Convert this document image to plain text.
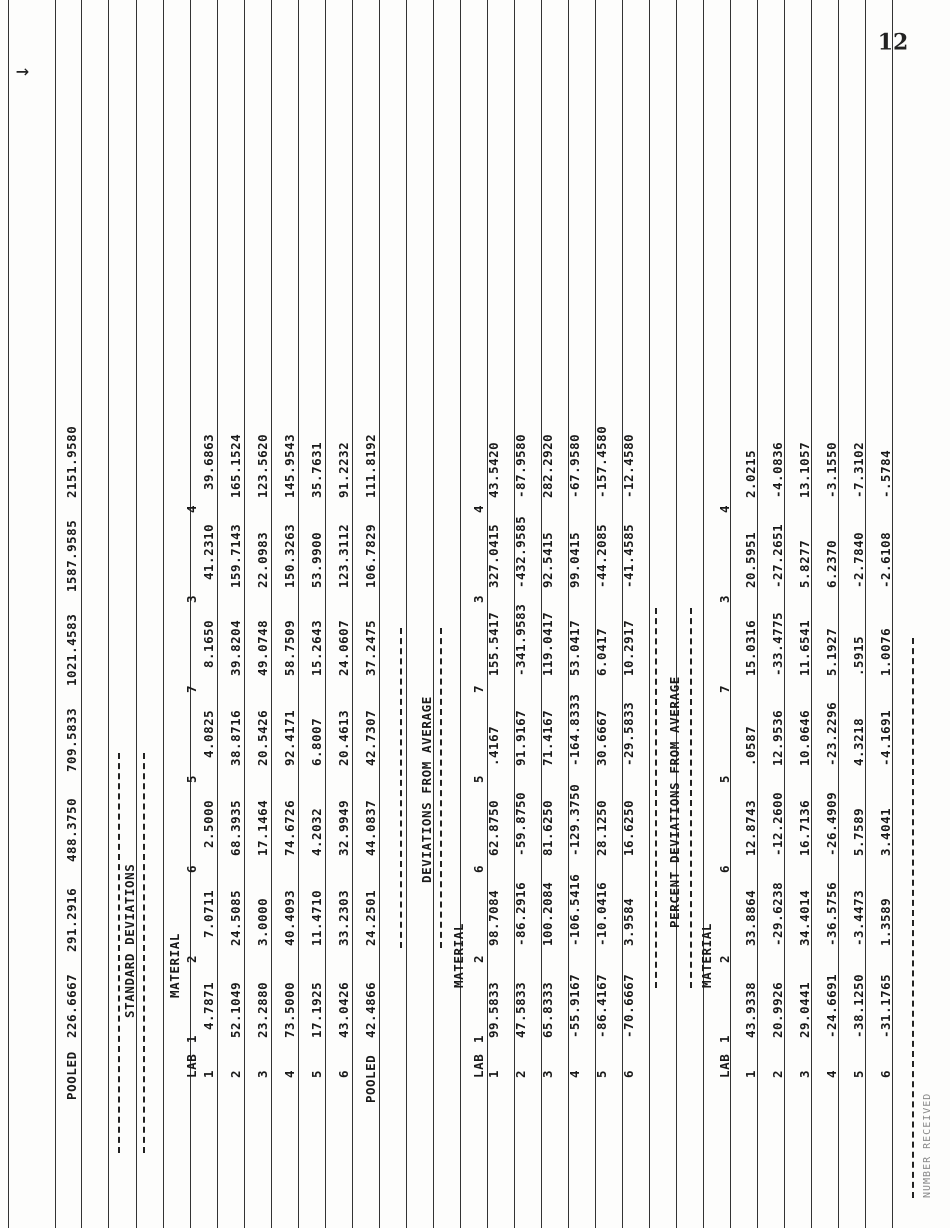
POOLED
226.6667
291.2916
488.3750
709.5833
1021.4583
1587.9585
2151.9580
STANDARD DEVIATIONS MATERIAL
LAB
1
2
6
5
7
3
4
1
4.7871
7.0711
2.5000
4.0825
8.1650
41.2310
39.6863
2
52.1049
24.5085
68.3935
38.8716
39.8204
159.7143
165.1524
3
23.2880
3.0000
17.1464
20.5426
49.0748
22.0983
123.5620
4
73.5000
40.4093
74.6726
92.4171
58.7509
150.3263
145.9543
5
17.1925
11.4710
4.2032
6.8007
15.2643
53.9900
35.7631
6
43.0426
33.2303
32.9949
20.4613
24.0607
123.3112
91.2232
POOLED
42.4866
24.2501
44.0837
42.7307
37.2475
106.7829
111.8192
DEVIATIONS FROM AVERAGE
MATERIAL
LAB
1
2
6
5
7
3
4
1
99.5833
98.7084
62.8750
.4167
155.5417
327.0415
43.5420
2
47.5833
-86.2916
-59.8750
91.9167
-341.9583
-432.9585
-87.9580
3
65.8333
100.2084
81.6250
71.4167
119.0417
92.5415
282.2920
4
-55.9167
-106.5416
-129.3750
-164.8333
53.0417
99.0415
-67.9580
5
-86.4167
-10.0416
28.1250
30.6667
6.0417
-44.2085
-157.4580
6
-70.6667
3.9584
16.6250
-29.5833
10.2917
-41.4585
-12.4580
PERCENT DEVIATIONS FROM AVERAGE
MATERIAL
LAB
1
2
6
5
7
3
4
1
43.9338
33.8864
12.8743
.0587
15.0316
20.5951
2.0215
2
20.9926
-29.6238
-12.2600
12.9536
-33.4775
-27.2651
-4.0836
3
29.0441
34.4014
16.7136
10.0646
11.6541
5.8277
13.1057
4
-24.6691
-36.5756
-26.4909
-23.2296
5.1927
6.2370
-3.1550
5
-38.1250
-3.4473
5.7589
4.3218
.5915
-2.7840
-7.3102
6
-31.1765
1.3589
3.4041
-4.1691
1.0076
-2.6108
-.5784
NUMBER RECEIVED
12
→
